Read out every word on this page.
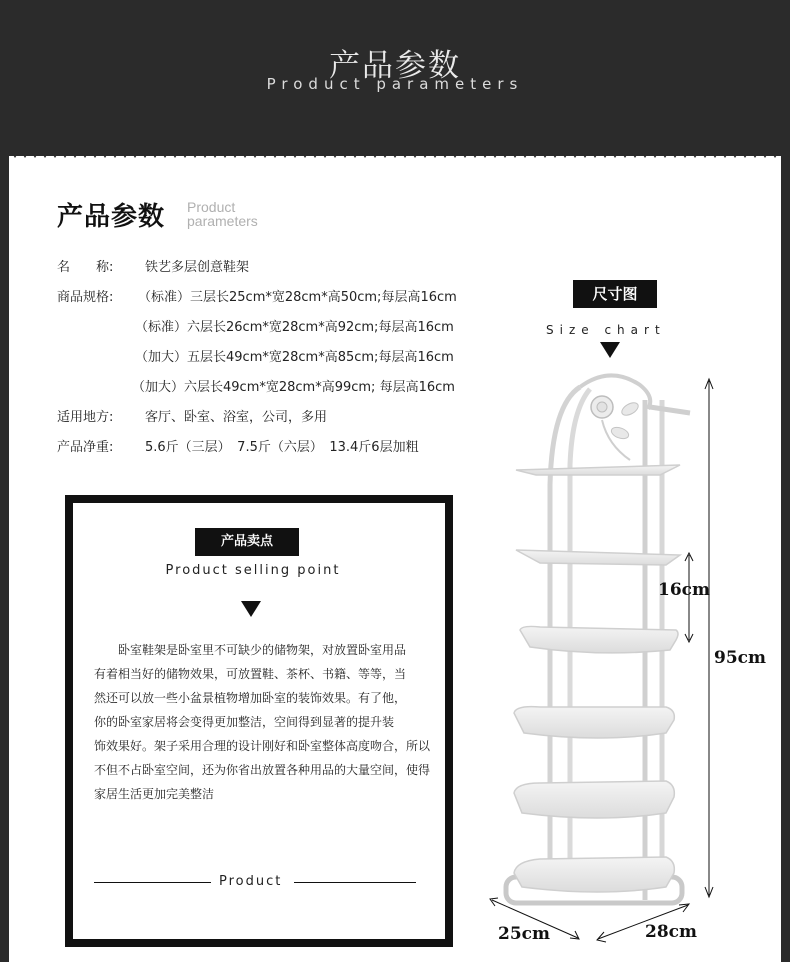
产品参数
Product parameters
产品参数 Product
parameters
名　　称: 铁艺多层创意鞋架
商品规格: （标准）三层长25cm*宽28cm*高50cm;每层高16cm
（标准）六层长26cm*宽28cm*高92cm;每层高16cm
（加大）五层长49cm*宽28cm*高85cm;每层高16cm
（加大）六层长49cm*宽28cm*高99cm; 每层高16cm
适用地方: 客厅、卧室、浴室，公司，多用
产品净重: 5.6斤（三层）　7.5斤（六层）　13.4斤6层加粗
产品卖点
Product selling point
　　卧室鞋架是卧室里不可缺少的储物架，对放置卧室用品
有着相当好的储物效果，可放置鞋、茶杯、书籍、等等，当
然还可以放一些小盆景植物增加卧室的装饰效果。有了他，
你的卧室家居将会变得更加整洁，空间得到显著的提升装
饰效果好。架子采用合理的设计刚好和卧室整体高度吻合，所以
不但不占卧室空间，还为你省出放置各种用品的大量空间，使得
家居生活更加完美整洁
Product
尺寸图
Size chart
16cm
95cm
25cm	28cm
